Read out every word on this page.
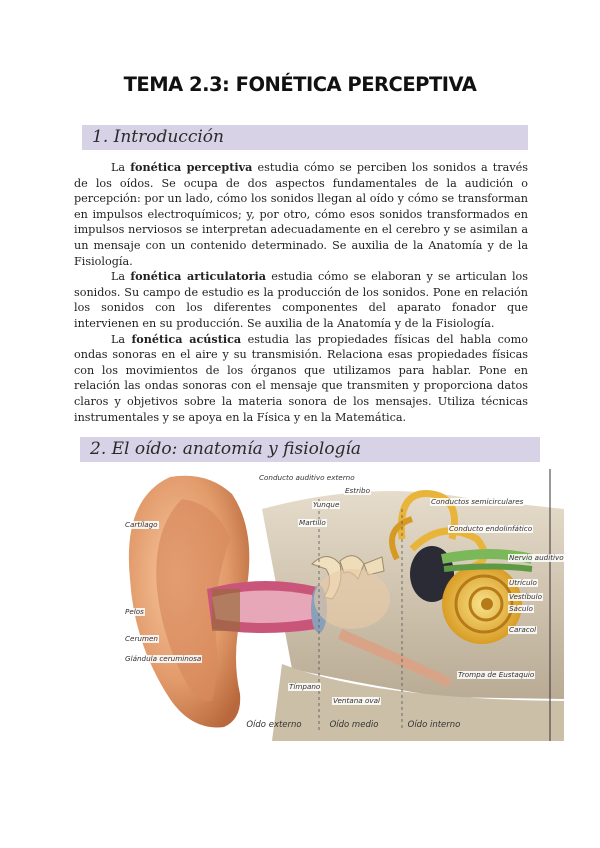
TEMA 2.3: FONÉTICA PERCEPTIVA
1. Introducción

La fonética perceptiva estudia cómo se perciben los sonidos a través de los oídos. Se ocupa de dos aspectos fundamentales de la audición o percepción: por un lado, cómo los sonidos llegan al oído y cómo se transforman en impulsos electroquímicos; y, por otro, cómo esos sonidos transformados en impulsos nerviosos se interpretan adecuadamente en el cerebro y se asimilan a un mensaje con un contenido determinado. Se auxilia de la Anatomía y de la Fisiología.

La fonética articulatoria estudia cómo se elaboran y se articulan los sonidos. Su campo de estudio es la producción de los sonidos. Pone en relación los sonidos con los diferentes componentes del aparato fonador que intervienen en su producción. Se auxilia de la Anatomía y de la Fisiología.

La fonética acústica estudia las propiedades físicas del habla como ondas sonoras en el aire y su transmisión. Relaciona esas propiedades físicas con los movimientos de los órganos que utilizamos para hablar. Pone en relación las ondas sonoras con el mensaje que transmiten y proporciona datos claros y objetivos sobre la materia sonora de los mensajes. Utiliza técnicas instrumentales y se apoya en la Física y en la Matemática.

2. El oído: anatomía y fisiología
Conducto auditivo externo
Estribo
Yunque
Martillo
Cartílago
Conductos semicirculares
Conducto endolinfático
Nervio auditivo
Utrículo
Vestíbulo
Sáculo
Caracol
Pelos
Cerumen
Glándula ceruminosa
Trompa de Eustaquio
Tímpano
Ventana oval
Oído externo	Oído medio	Oído interno
